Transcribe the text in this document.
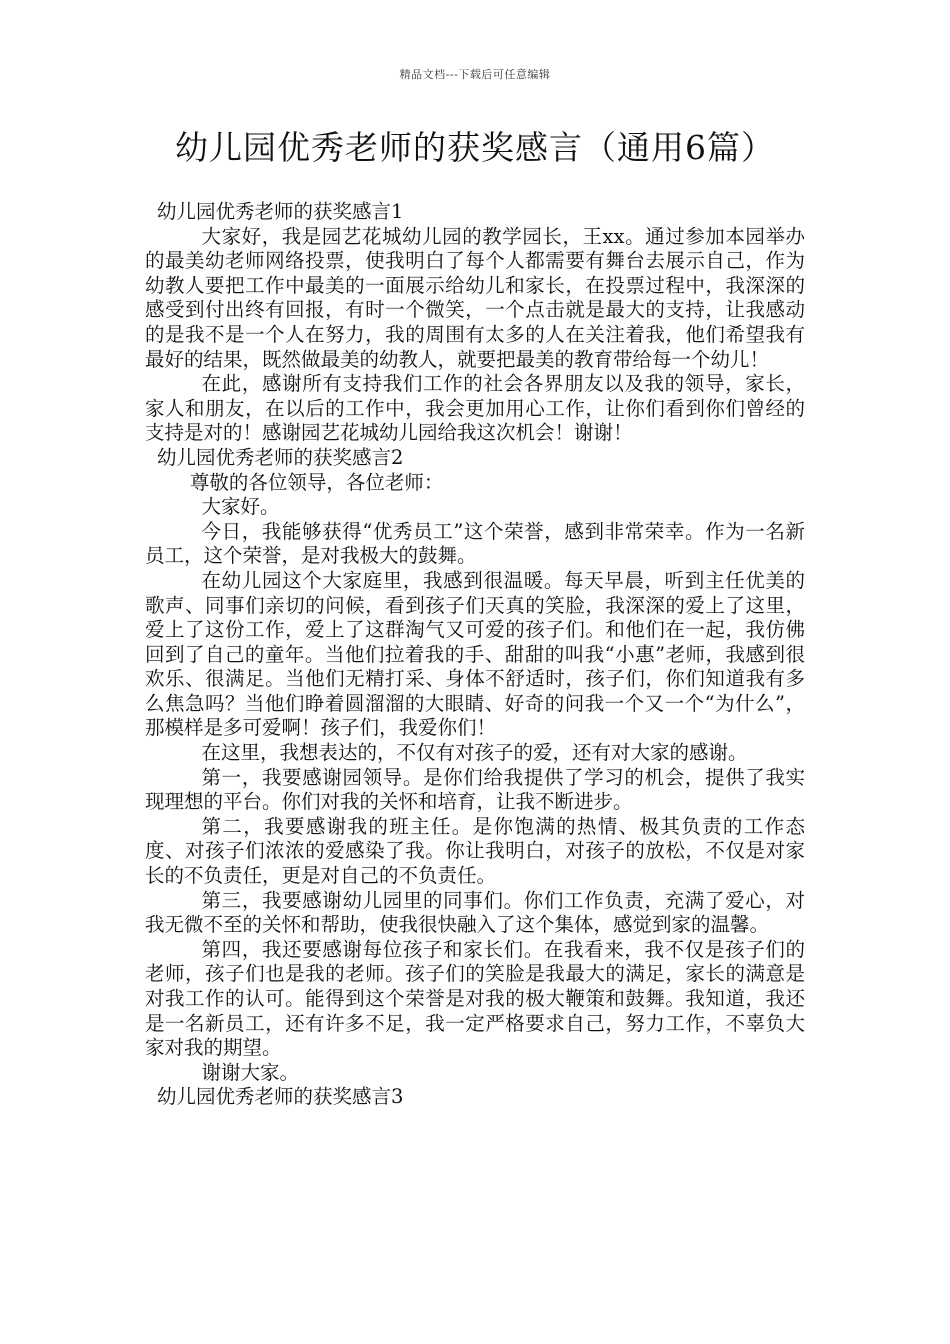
精品文档---下载后可任意编辑
幼儿园优秀老师的获奖感言（通用6篇）
幼儿园优秀老师的获奖感言1

大家好，我是园艺花城幼儿园的教学园长，王xx。通过参加本园举办的最美幼老师网络投票，使我明白了每个人都需要有舞台去展示自己，作为幼教人要把工作中最美的一面展示给幼儿和家长，在投票过程中，我深深的感受到付出终有回报，有时一个微笑，一个点击就是最大的支持，让我感动的是我不是一个人在努力，我的周围有太多的人在关注着我，他们希望我有最好的结果，既然做最美的幼教人，就要把最美的教育带给每一个幼儿！

在此，感谢所有支持我们工作的社会各界朋友以及我的领导，家长，家人和朋友，在以后的工作中，我会更加用心工作，让你们看到你们曾经的支持是对的！感谢园艺花城幼儿园给我这次机会！谢谢！

幼儿园优秀老师的获奖感言2

尊敬的各位领导，各位老师：

大家好。

今日，我能够获得“优秀员工”这个荣誉，感到非常荣幸。作为一名新员工，这个荣誉，是对我极大的鼓舞。

在幼儿园这个大家庭里，我感到很温暖。每天早晨，听到主任优美的歌声、同事们亲切的问候，看到孩子们天真的笑脸，我深深的爱上了这里，爱上了这份工作，爱上了这群淘气又可爱的孩子们。和他们在一起，我仿佛回到了自己的童年。当他们拉着我的手、甜甜的叫我“小惠”老师，我感到很欢乐、很满足。当他们无精打采、身体不舒适时，孩子们，你们知道我有多么焦急吗？当他们睁着圆溜溜的大眼睛、好奇的问我一个又一个“为什么”，那模样是多可爱啊！孩子们，我爱你们！

在这里，我想表达的，不仅有对孩子的爱，还有对大家的感谢。

第一，我要感谢园领导。是你们给我提供了学习的机会，提供了我实现理想的平台。你们对我的关怀和培育，让我不断进步。

第二，我要感谢我的班主任。是你饱满的热情、极其负责的工作态度、对孩子们浓浓的爱感染了我。你让我明白，对孩子的放松，不仅是对家长的不负责任，更是对自己的不负责任。

第三，我要感谢幼儿园里的同事们。你们工作负责，充满了爱心，对我无微不至的关怀和帮助，使我很快融入了这个集体，感觉到家的温馨。

第四，我还要感谢每位孩子和家长们。在我看来，我不仅是孩子们的老师，孩子们也是我的老师。孩子们的笑脸是我最大的满足，家长的满意是对我工作的认可。能得到这个荣誉是对我的极大鞭策和鼓舞。我知道，我还是一名新员工，还有许多不足，我一定严格要求自己，努力工作，不辜负大家对我的期望。

谢谢大家。

幼儿园优秀老师的获奖感言3
